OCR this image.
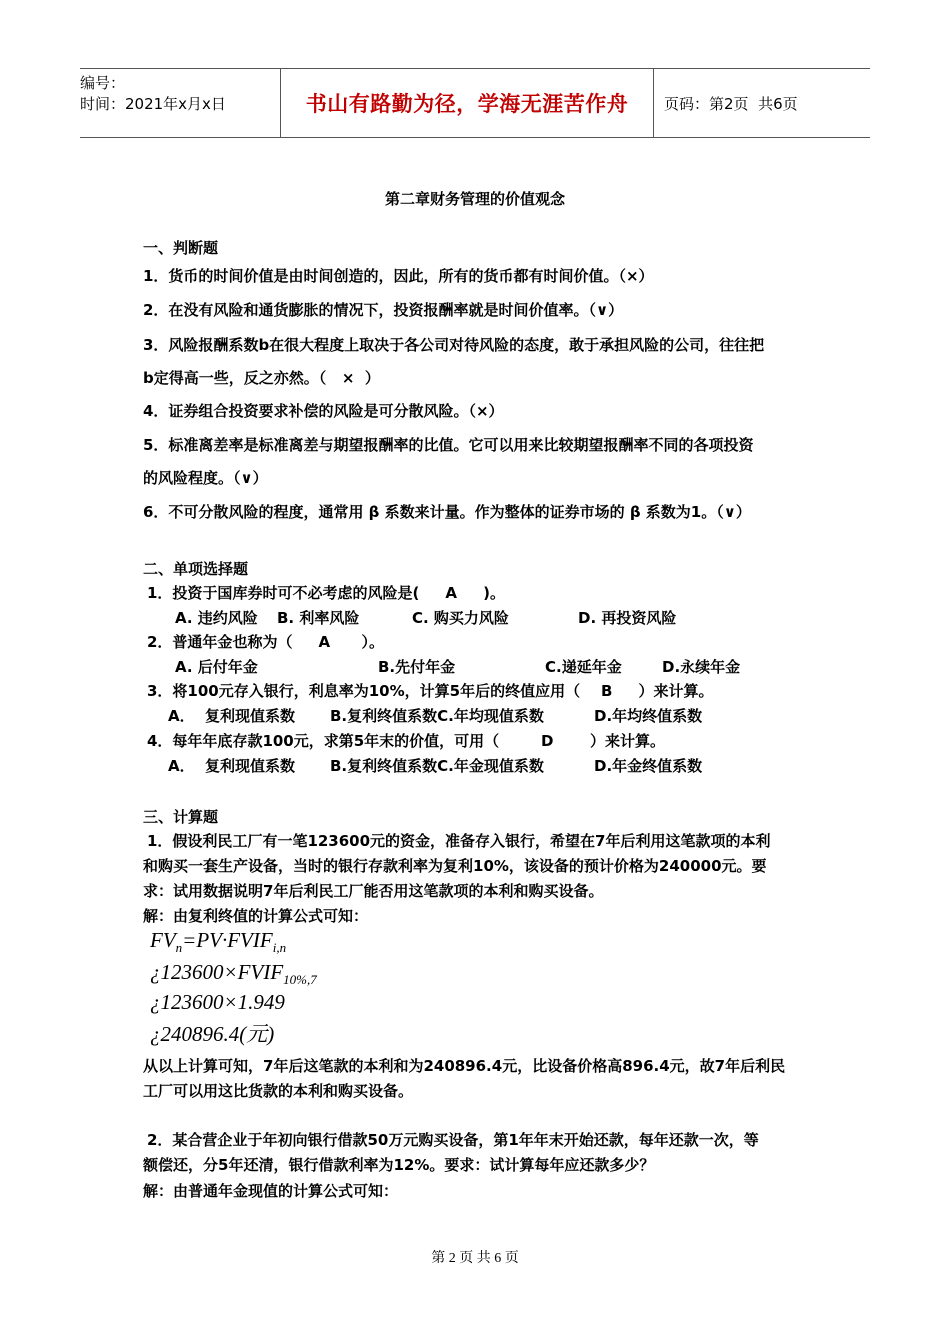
编号：
时间：2021年x月x日	书山有路勤为径，学海无涯苦作舟 页码：第2页  共6页
第二章财务管理的价值观念
一、判断题
1．货币的时间价值是由时间创造的，因此，所有的货币都有时间价值。（×）
2．在没有风险和通货膨胀的情况下，投资报酬率就是时间价值率。（∨）
3．风险报酬系数b在很大程度上取决于各公司对待风险的态度，敢于承担风险的公司，往往把
b定得高一些，反之亦然。（   ×  ）
4．证券组合投资要求补偿的风险是可分散风险。（×）
5．标准离差率是标准离差与期望报酬率的比值。它可以用来比较期望报酬率不同的各项投资
的风险程度。（∨）
6．不可分散风险的程度，通常用 β 系数来计量。作为整体的证券市场的 β 系数为1。（∨）
二、单项选择题
1．投资于国库券时可不必考虑的风险是(     A     )。
A. 违约风险 B. 利率风险	C. 购买力风险	D. 再投资风险
2．普通年金也称为（     A      ）。
A. 后付年金	B.先付年金	C.递延年金	D.永续年金
3．将100元存入银行，利息率为10%，计算5年后的终值应用（    B     ）来计算。
A．  复利现值系数 B.复利终值系数C.年均现值系数	D.年均终值系数
4．每年年底存款100元，求第5年末的价值，可用（        D       ）来计算。
A．  复利现值系数 B.复利终值系数C.年金现值系数	D.年金终值系数
三、计算题
1．假设利民工厂有一笔123600元的资金，准备存入银行，希望在7年后利用这笔款项的本利
和购买一套生产设备，当时的银行存款利率为复利10%，该设备的预计价格为240000元。要
求：试用数据说明7年后利民工厂能否用这笔款项的本利和购买设备。
解：由复利终值的计算公式可知：
$FV_n=PV\cdot FVIF_{i,n}$
¿$123600\times FVIF_{10\%,7}$
¿123600×1.949
¿240896.4(元)
从以上计算可知，7年后这笔款的本利和为240896.4元，比设备价格高896.4元，故7年后利民
工厂可以用这比货款的本利和购买设备。
2．某合营企业于年初向银行借款50万元购买设备，第1年年末开始还款，每年还款一次，等
额偿还，分5年还清，银行借款利率为12%。要求：试计算每年应还款多少？
解：由普通年金现值的计算公式可知：
第 2 页 共 6 页
